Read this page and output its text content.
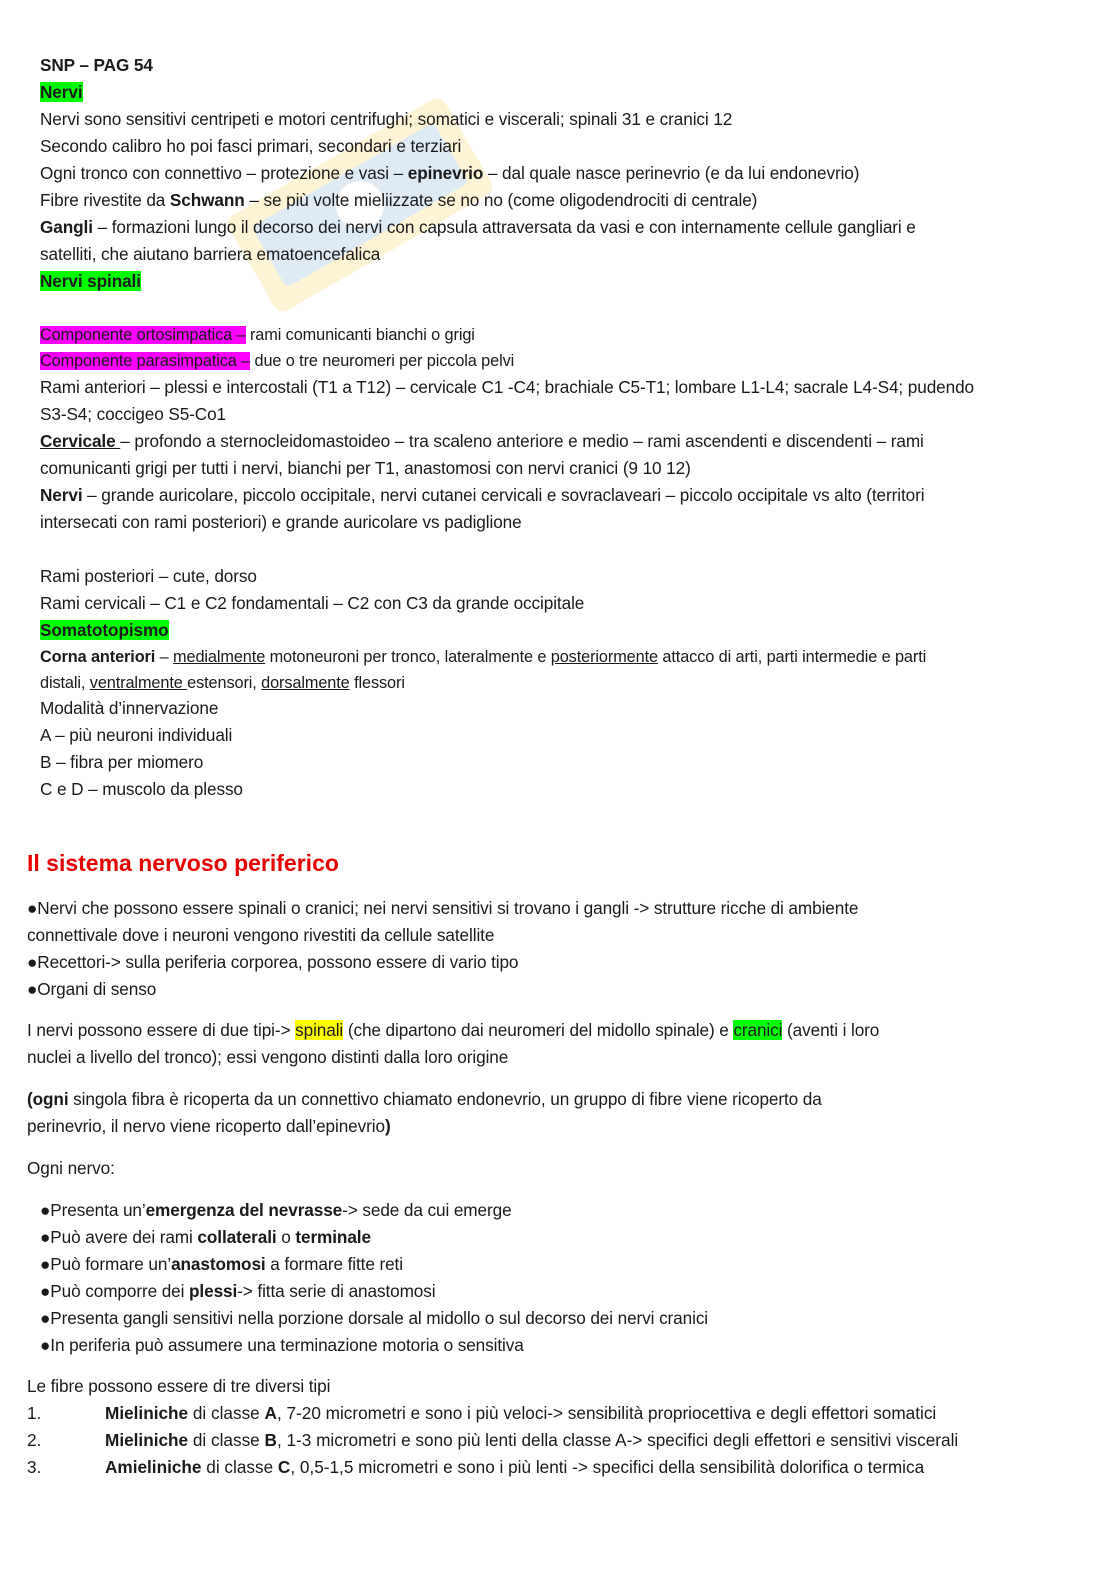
SNP – PAG 54
Nervi
Nervi sono sensitivi centripeti e motori centrifughi; somatici e viscerali; spinali 31 e cranici 12
Secondo calibro ho poi fasci primari, secondari e terziari
Ogni tronco con connettivo – protezione e vasi – epinevrio – dal quale nasce perinevrio (e da lui endonevrio)
Fibre rivestite da Schwann – se più volte mieliizzate se no no (come oligodendrociti di centrale)
Gangli – formazioni lungo il decorso dei nervi con capsula attraversata da vasi e con internamente cellule gangliari e
satelliti, che aiutano barriera ematoencefalica
Nervi spinali
Componente ortosimpatica – rami comunicanti bianchi o grigi
Componente parasimpatica – due o tre neuromeri per piccola pelvi
Rami anteriori – plessi e intercostali (T1 a T12) – cervicale C1 -C4; brachiale C5-T1; lombare L1-L4; sacrale L4-S4; pudendo
S3-S4; coccigeo S5-Co1
Cervicale – profondo a sternocleidomastoideo – tra scaleno anteriore e medio – rami ascendenti e discendenti – rami
comunicanti grigi per tutti i nervi, bianchi per T1, anastomosi con nervi cranici (9 10 12)
Nervi – grande auricolare, piccolo occipitale, nervi cutanei cervicali e sovraclaveari – piccolo occipitale vs alto (territori
intersecati con rami posteriori) e grande auricolare vs padiglione
Rami posteriori – cute, dorso
Rami cervicali – C1 e C2 fondamentali – C2 con C3 da grande occipitale
Somatotopismo
Corna anteriori – medialmente motoneuroni per tronco, lateralmente e posteriormente attacco di arti, parti intermedie e parti
distali, ventralmente estensori, dorsalmente flessori
Modalità d’innervazione
A – più neuroni individuali
B – fibra per miomero
C e D – muscolo da plesso
Il sistema nervoso periferico
●Nervi che possono essere spinali o cranici; nei nervi sensitivi si trovano i gangli -> strutture ricche di ambiente
connettivale dove i neuroni vengono rivestiti da cellule satellite
●Recettori-> sulla periferia corporea, possono essere di vario tipo
●Organi di senso
I nervi possono essere di due tipi-> spinali (che dipartono dai neuromeri del midollo spinale) e cranici (aventi i loro
nuclei a livello del tronco); essi vengono distinti dalla loro origine
(ogni singola fibra è ricoperta da un connettivo chiamato endonevrio, un gruppo di fibre viene ricoperto da
perinevrio, il nervo viene ricoperto dall’epinevrio)
Ogni nervo:
●Presenta un’emergenza del nevrasse-> sede da cui emerge
●Può avere dei rami collaterali o terminale
●Può formare un’anastomosi a formare fitte reti
●Può comporre dei plessi-> fitta serie di anastomosi
●Presenta gangli sensitivi nella porzione dorsale al midollo o sul decorso dei nervi cranici
●In periferia può assumere una terminazione motoria o sensitiva
Le fibre possono essere di tre diversi tipi
1.	Mieliniche di classe A, 7-20 micrometri e sono i più veloci-> sensibilità propriocettiva e degli effettori somatici
2.	Mieliniche di classe B, 1-3 micrometri e sono più lenti della classe A-> specifici degli effettori e sensitivi viscerali
3.	Amieliniche di classe C, 0,5-1,5 micrometri e sono i più lenti -> specifici della sensibilità dolorifica o termica
